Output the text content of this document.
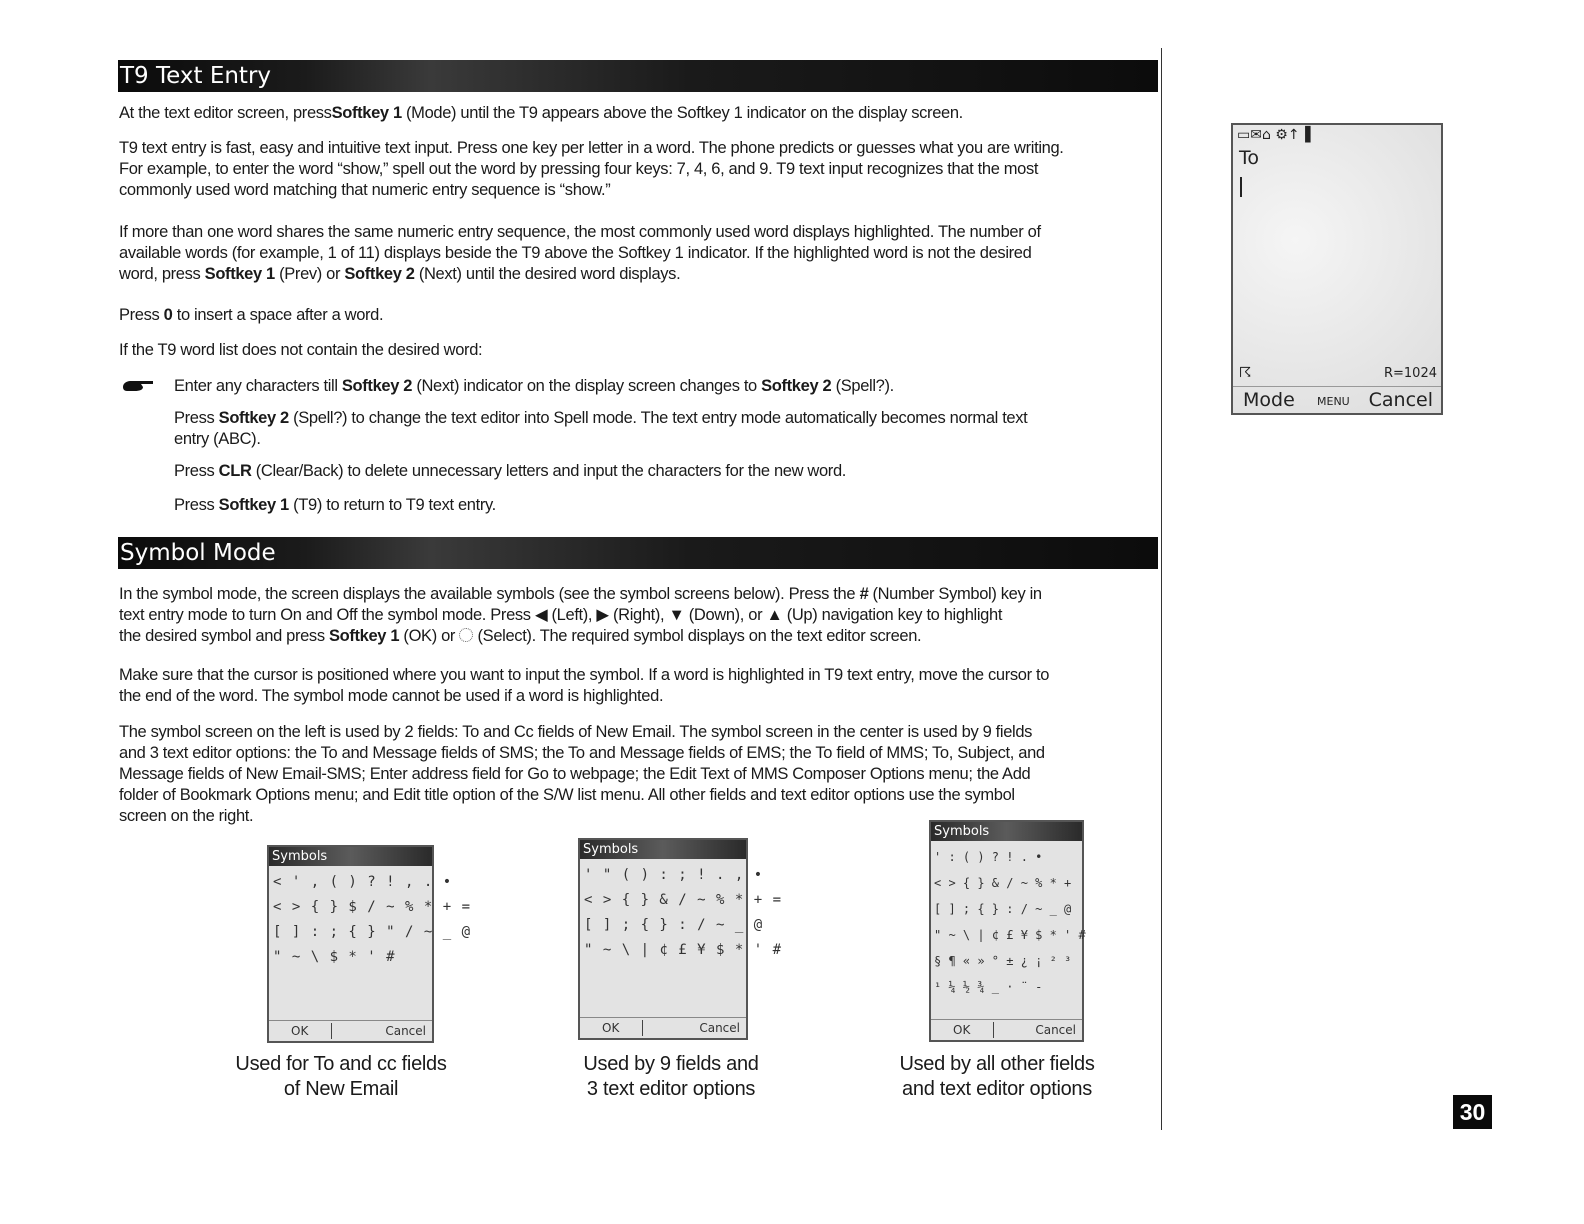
T9 Text Entry

At the text editor screen, pressSoftkey 1 (Mode) until the T9 appears above the Softkey 1 indicator on the display screen.

T9 text entry is fast, easy and intuitive text input. Press one key per letter in a word. The phone predicts or guesses what you are writing.

For example, to enter the word “show,” spell out the word by pressing four keys: 7, 4, 6, and 9. T9 text input recognizes that the most

commonly used word matching that numeric entry sequence is “show.”

If more than one word shares the same numeric entry sequence, the most commonly used word displays highlighted. The number of

available words (for example, 1 of 11) displays beside the T9 above the Softkey 1 indicator. If the highlighted word is not the desired

word, press Softkey 1 (Prev) or Softkey 2 (Next) until the desired word displays.

Press 0 to insert a space after a word.

If the T9 word list does not contain the desired word:

Enter any characters till Softkey 2 (Next) indicator on the display screen changes to Softkey 2 (Spell?).

Press Softkey 2 (Spell?) to change the text editor into Spell mode. The text entry mode automatically becomes normal text

entry (ABC).

Press CLR (Clear/Back) to delete unnecessary letters and input the characters for the new word.

Press Softkey 1 (T9) to return to T9 text entry.

Symbol Mode

In the symbol mode, the screen displays the available symbols (see the symbol screens below). Press the # (Number Symbol) key in

text entry mode to turn On and Off the symbol mode. Press ◀ (Left), ▶ (Right), ▼ (Down), or ▲ (Up) navigation key to highlight

the desired symbol and press Softkey 1 (OK) or  (Select). The required symbol displays on the text editor screen.

Make sure that the cursor is positioned where you want to input the symbol. If a word is highlighted in T9 text entry, move the cursor to

the end of the word. The symbol mode cannot be used if a word is highlighted.

The symbol screen on the left is used by 2 fields: To and Cc fields of New Email. The symbol screen in the center is used by 9 fields

and 3 text editor options: the To and Message fields of SMS; the To and Message fields of EMS; the To field of MMS; To, Subject, and

Message fields of New Email-SMS; Enter address field for Go to webpage; the Edit Text of MMS Composer Options menu; the Add

folder of Bookmark Options menu; and Edit title option of the S/W list menu. All other fields and text editor options use the symbol

screen on the right.

▭✉⌂ ⚙↑▐
To
☈	R=1024
Mode MENU Cancel
Symbols
< ' , ( ) ? ! , . •
< > { } $ / ~ % * + =
[ ] : ; { } " / ~ _ @
" ~ \ $ * ' #
OK	Cancel
Used for To and cc fields
of New Email
Symbols
' " ( ) : ; ! . , •
< > { } & / ~ % * + =
[ ] ; { } : / ~ _ @
" ~ \ | ¢ £ ¥ $ * ' #
OK	Cancel
Used by 9 fields and
3 text editor options
Symbols
' : ( ) ? ! . •
< > { } & / ~ % * +
[ ] ; { } : / ~ _ @
" ~ \ | ¢ £ ¥ $ * ' #
§ ¶ « » ° ± ¿ ¡ ² ³
¹ ¼ ½ ¾ _ · ¨ -
OK	Cancel
Used by all other fields
and text editor options
30
